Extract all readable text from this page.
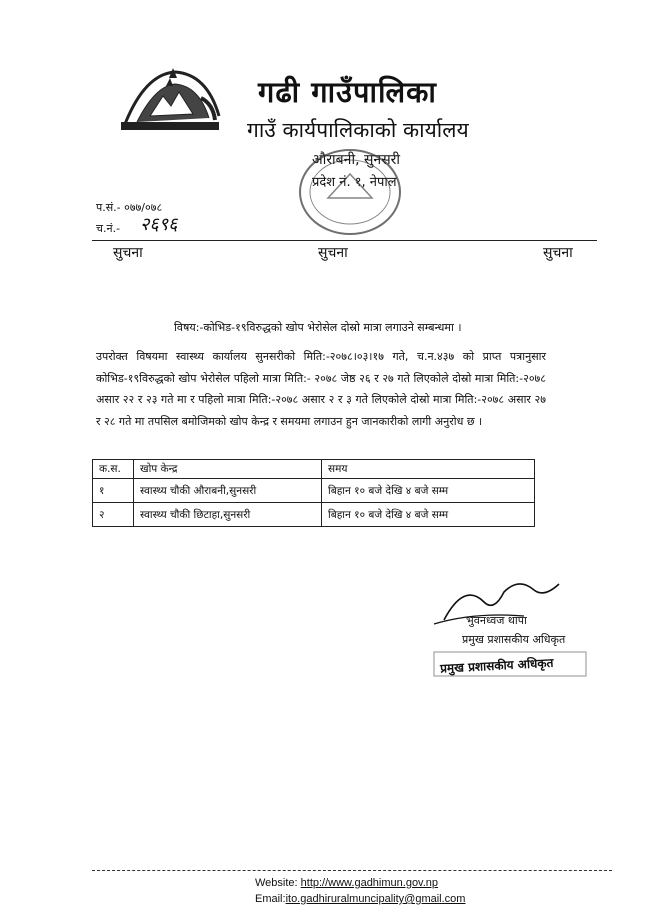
गढी गाउँपालिका
गाउँ कार्यपालिकाको कार्यालय
औराबनी, सुनसरी
प्रदेश नं. १, नेपाल
प.सं.- ०७७/०७८
च.नं.- २६९६
सुचना	सुचना	सुचना
विषय:-कोभिड-१९विरुद्धको खोप भेरोसेल दोस्रो मात्रा लगाउने सम्बन्धमा ।
उपरोक्त विषयमा स्वास्थ्य कार्यालय सुनसरीको मिति:-२०७८।०३।१७ गते, च.न.४३७ को प्राप्त पत्रानुसार कोभिड-१९विरुद्धको खोप भेरोसेल पहिलो मात्रा मिति:- २०७८ जेष्ठ २६ र २७ गते लिएकोले दोस्रो मात्रा मिति:-२०७८ असार २२ र २३ गते मा र पहिलो मात्रा मिति:-२०७८ असार २ र ३ गते लिएकोले दोस्रो मात्रा मिति:-२०७८ असार २७ र २८ गते मा तपसिल बमोजिमको खोप केन्द्र र समयमा लगाउन हुन जानकारीको लागी अनुरोध छ ।
क.स.	खोप केन्द्र	समय
१	स्वास्थ्य चौकी औराबनी,सुनसरी	बिहान १० बजे देखि ४ बजे सम्म
२	स्वास्थ्य चौकी छिटाहा,सुनसरी	बिहान १० बजे देखि ४ बजे सम्म
भुवनध्वज थापा
प्रमुख प्रशासकीय अधिकृत
प्रमुख प्रशासकीय अधिकृत
Website: http://www.gadhimun.gov.np
Email:ito.gadhiruralmuncipality@gmail.com
